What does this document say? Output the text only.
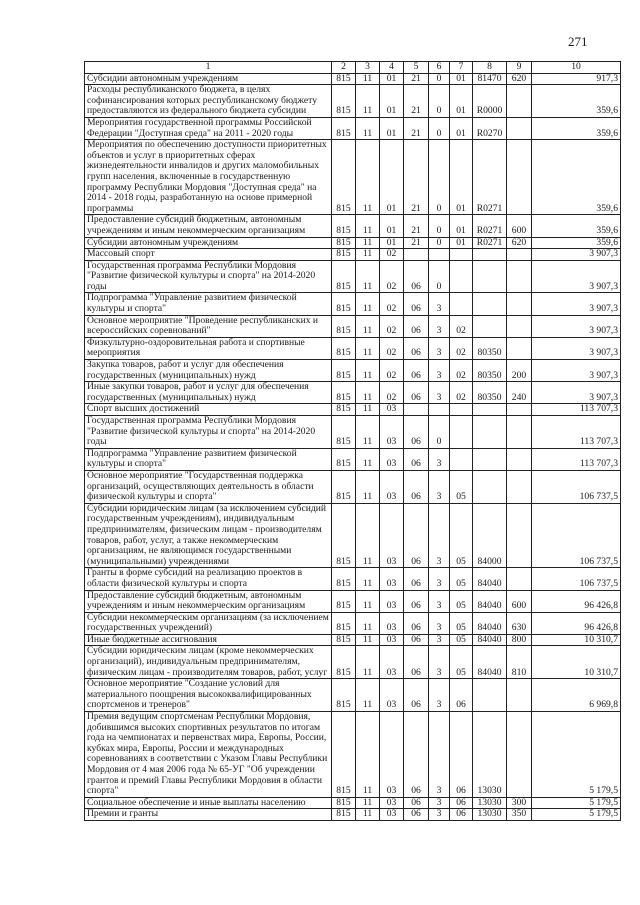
271
1	2	3	4	5	6	7	8	9	10
Субсидии автономным учреждениям	815	11	01	21	0	01	81470	620	917,3
Расходы республиканского бюджета, в целях софинансирования которых республиканскому бюджету предоставляются из федерального бюджета субсидии	815	11	01	21	0	01	R0000		359,6
Мероприятия государственной программы Российской Федерации "Доступная среда" на 2011 - 2020 годы	815	11	01	21	0	01	R0270		359,6
Мероприятия по обеспечению доступности приоритетных объектов и услуг в приоритетных сферах жизнедеятельности инвалидов и других маломобильных групп населения, включенные в государственную программу Республики Мордовия "Доступная среда" на 2014 - 2018 годы, разработанную на основе примерной программы	815	11	01	21	0	01	R0271		359,6
Предоставление субсидий бюджетным, автономным учреждениям и иным некоммерческим организациям	815	11	01	21	0	01	R0271	600	359,6
Субсидии автономным учреждениям	815	11	01	21	0	01	R0271	620	359,6
Массовый спорт	815	11	02						3 907,3
Государственная программа Республики Мордовия "Развитие физической культуры и спорта" на 2014-2020 годы	815	11	02	06	0				3 907,3
Подпрограмма "Управление развитием физической культуры и спорта"	815	11	02	06	3				3 907,3
Основное мероприятие "Проведение республиканских и всероссийских соревнований"	815	11	02	06	3	02			3 907,3
Физкультурно-оздоровительная работа и спортивные мероприятия	815	11	02	06	3	02	80350		3 907,3
Закупка товаров, работ и услуг для обеспечения государственных (муниципальных) нужд	815	11	02	06	3	02	80350	200	3 907,3
Иные закупки товаров, работ и услуг для обеспечения государственных (муниципальных) нужд	815	11	02	06	3	02	80350	240	3 907,3
Спорт высших достижений	815	11	03						113 707,3
Государственная программа Республики Мордовия "Развитие физической культуры и спорта" на 2014-2020 годы	815	11	03	06	0				113 707,3
Подпрограмма "Управление развитием физической культуры и спорта"	815	11	03	06	3				113 707,3
Основное мероприятие "Государственная поддержка организаций, осуществляющих деятельность в области физической культуры и спорта"	815	11	03	06	3	05			106 737,5
Субсидии юридическим лицам (за исключением субсидий государственным учреждениям), индивидуальным предпринимателям, физическим лицам - производителям товаров, работ, услуг, а также некоммерческим организациям, не являющимся государственными (муниципальными) учреждениями	815	11	03	06	3	05	84000		106 737,5
Гранты в форме субсидий на реализацию проектов в области физической культуры и спорта	815	11	03	06	3	05	84040		106 737,5
Предоставление субсидий бюджетным, автономным учреждениям и иным некоммерческим организациям	815	11	03	06	3	05	84040	600	96 426,8
Субсидии некоммерческим организациям (за исключением государственных учреждений)	815	11	03	06	3	05	84040	630	96 426,8
Иные бюджетные ассигнования	815	11	03	06	3	05	84040	800	10 310,7
Субсидии юридическим лицам (кроме некоммерческих организаций), индивидуальным предпринимателям, физическим лицам - производителям товаров, работ, услуг	815	11	03	06	3	05	84040	810	10 310,7
Основное мероприятие "Создание условий для материального поощрения высококвалифицированных спортсменов и тренеров"	815	11	03	06	3	06			6 969,8
Премия ведущим спортсменам Республики Мордовия, добившимся высоких спортивных результатов по итогам года на чемпионатах и первенствах мира, Европы, России, кубках мира, Европы, России и международных соревнованиях в соответствии с Указом Главы Республики Мордовия от 4 мая 2006 года № 65-УГ "Об учреждении грантов и премий Главы Республики Мордовия в области спорта"	815	11	03	06	3	06	13030		5 179,5
Социальное обеспечение и иные выплаты населению	815	11	03	06	3	06	13030	300	5 179,5
Премии и гранты	815	11	03	06	3	06	13030	350	5 179,5
